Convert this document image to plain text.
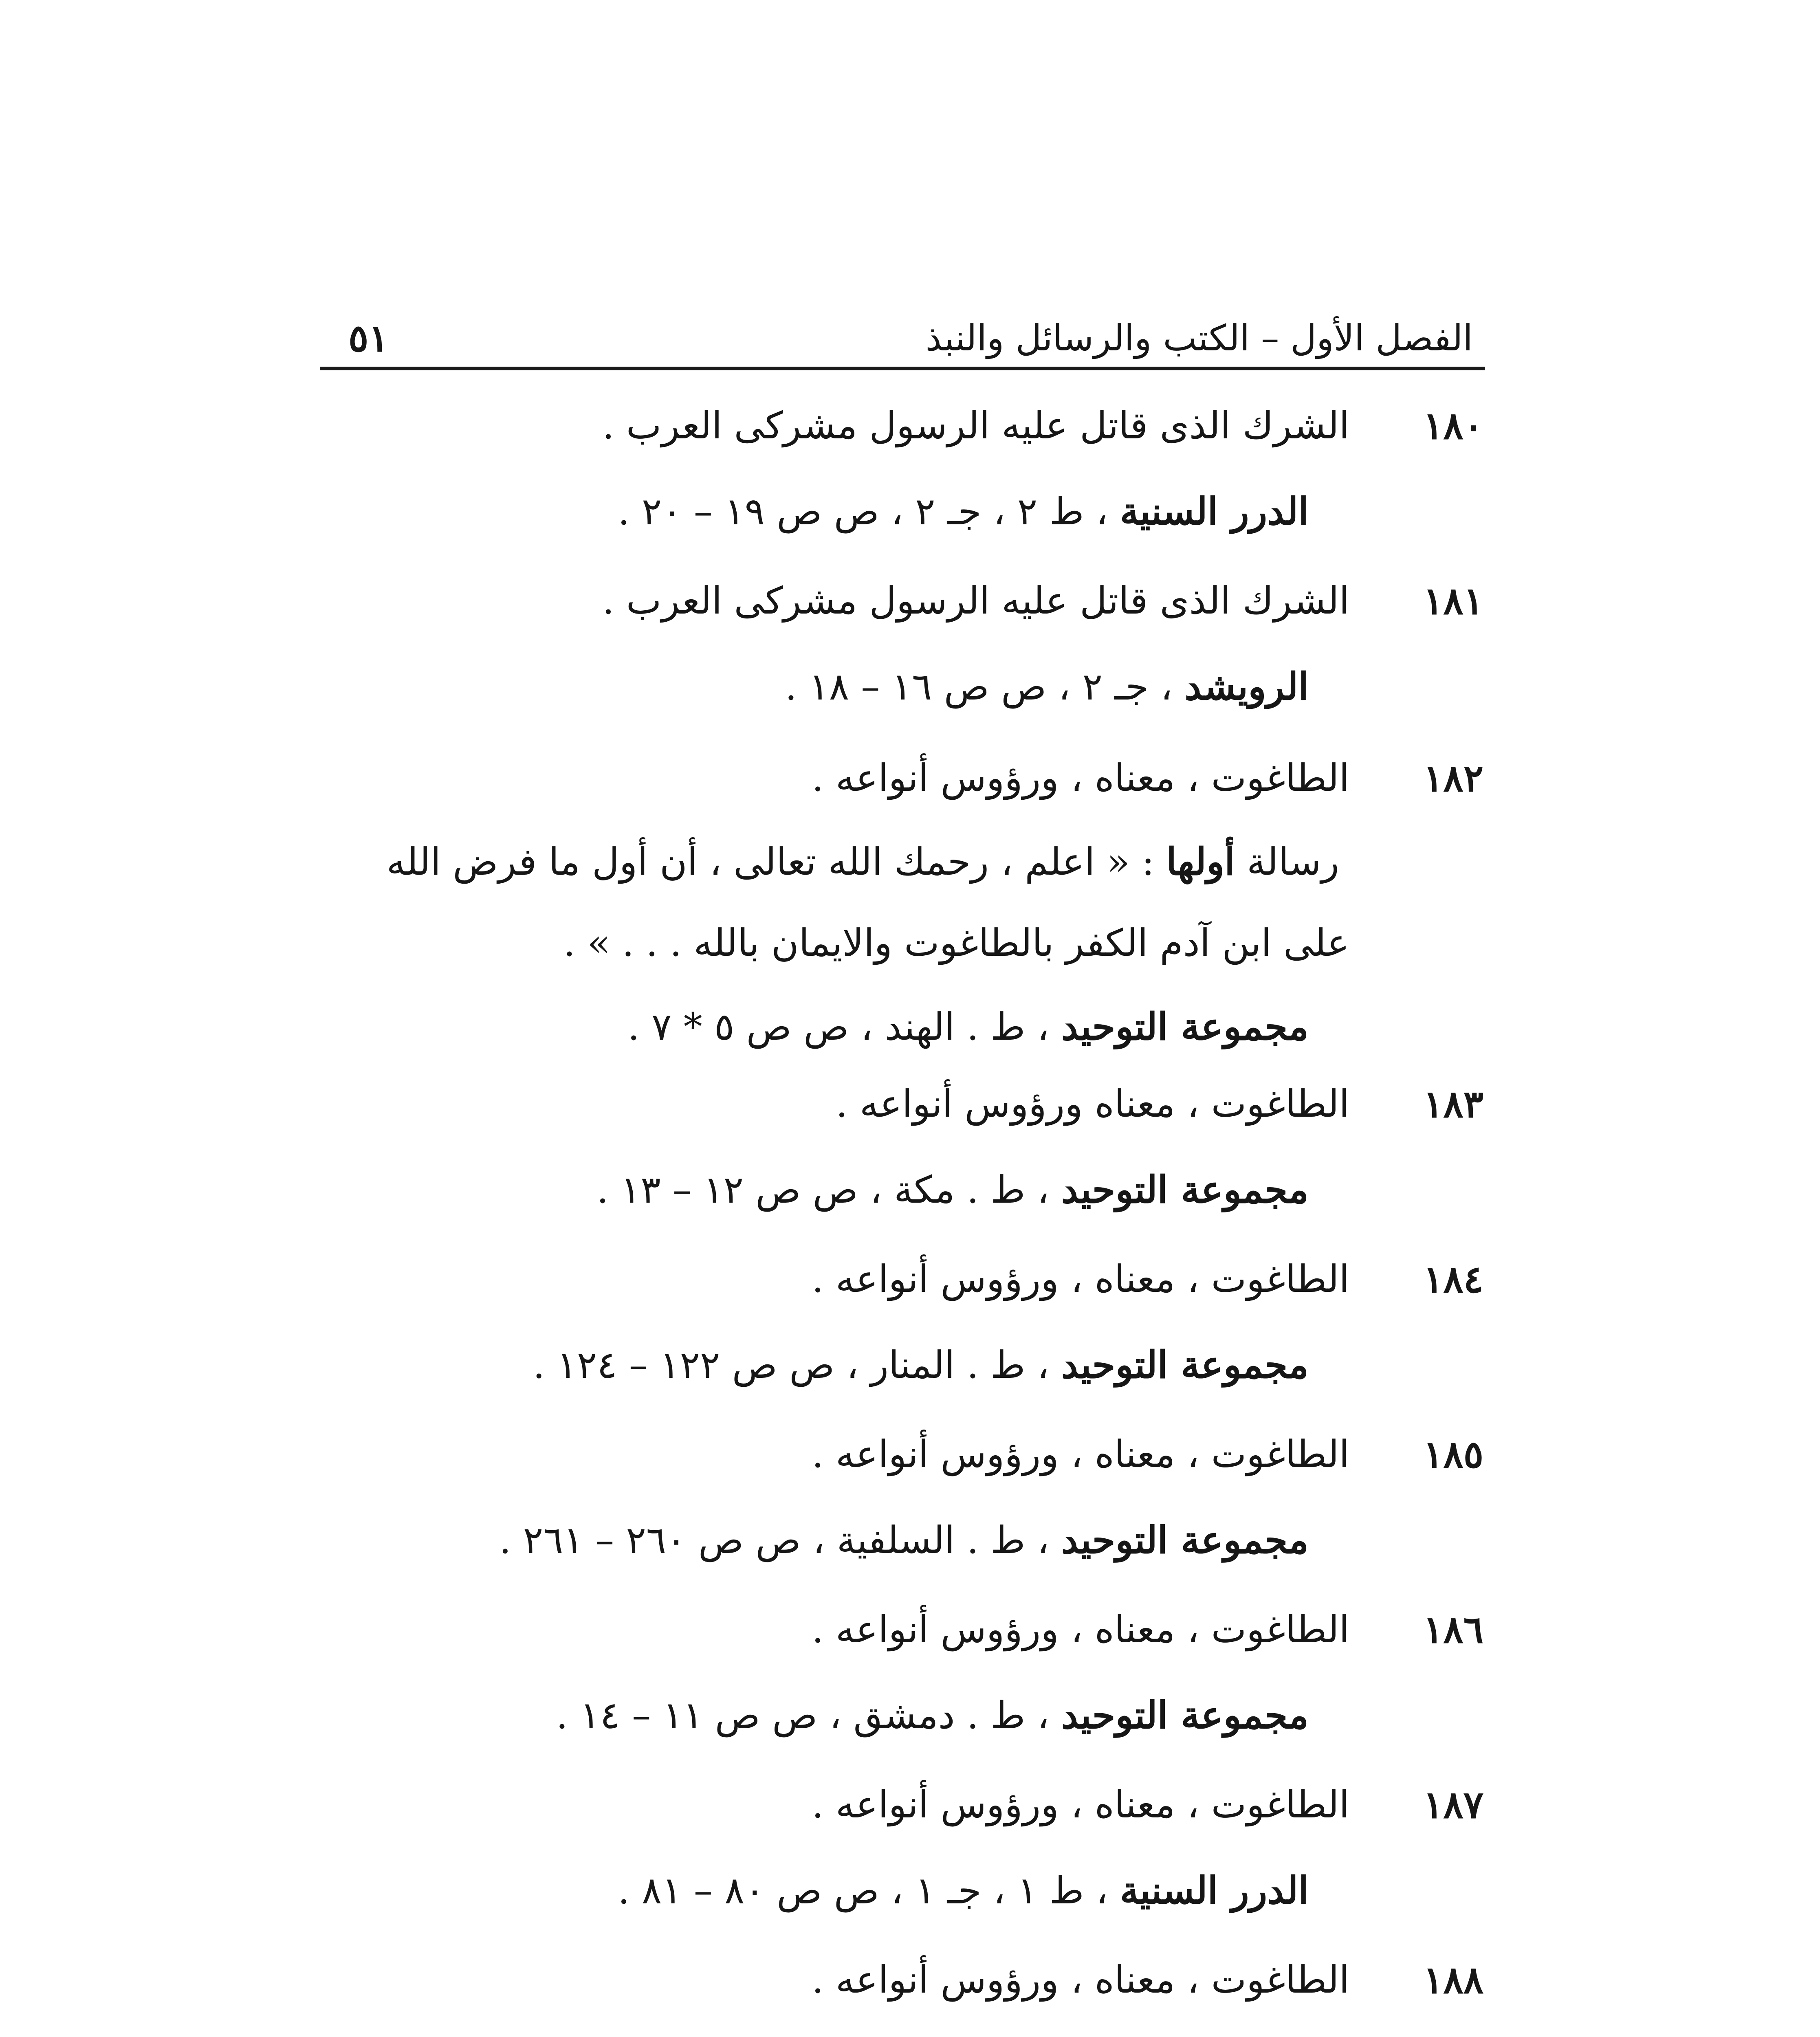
الفصل الأول – الكتب والرسائل والنبذ
٥١
١٨٠
الشرك الذى قاتل عليه الرسول مشركى العرب .
الدرر السنية ، ط ٢ ، جـ ٢ ، ص ص ١٩ – ٢٠ .
١٨١
الشرك الذى قاتل عليه الرسول مشركى العرب .
الرويشد ، جـ ٢ ، ص ص ١٦ – ١٨ .
١٨٢
الطاغوت ، معناه ، ورؤوس أنواعه .
رسالة أولها : « اعلم ، رحمك الله تعالى ، أن أول ما فرض الله
على ابن آدم الكفر بالطاغوت والايمان بالله . . . » .
مجموعة التوحيد ، ط . الهند ، ص ص ٥ * ٧ .
١٨٣
الطاغوت ، معناه ورؤوس أنواعه .
مجموعة التوحيد ، ط . مكة ، ص ص ١٢ – ١٣ .
١٨٤
الطاغوت ، معناه ، ورؤوس أنواعه .
مجموعة التوحيد ، ط . المنار ، ص ص ١٢٢ – ١٢٤ .
١٨٥
الطاغوت ، معناه ، ورؤوس أنواعه .
مجموعة التوحيد ، ط . السلفية ، ص ص ٢٦٠ – ٢٦١ .
١٨٦
الطاغوت ، معناه ، ورؤوس أنواعه .
مجموعة التوحيد ، ط . دمشق ، ص ص ١١ – ١٤ .
١٨٧
الطاغوت ، معناه ، ورؤوس أنواعه .
الدرر السنية ، ط ١ ، جـ ١ ، ص ص ٨٠ – ٨١ .
١٨٨
الطاغوت ، معناه ، ورؤوس أنواعه .
